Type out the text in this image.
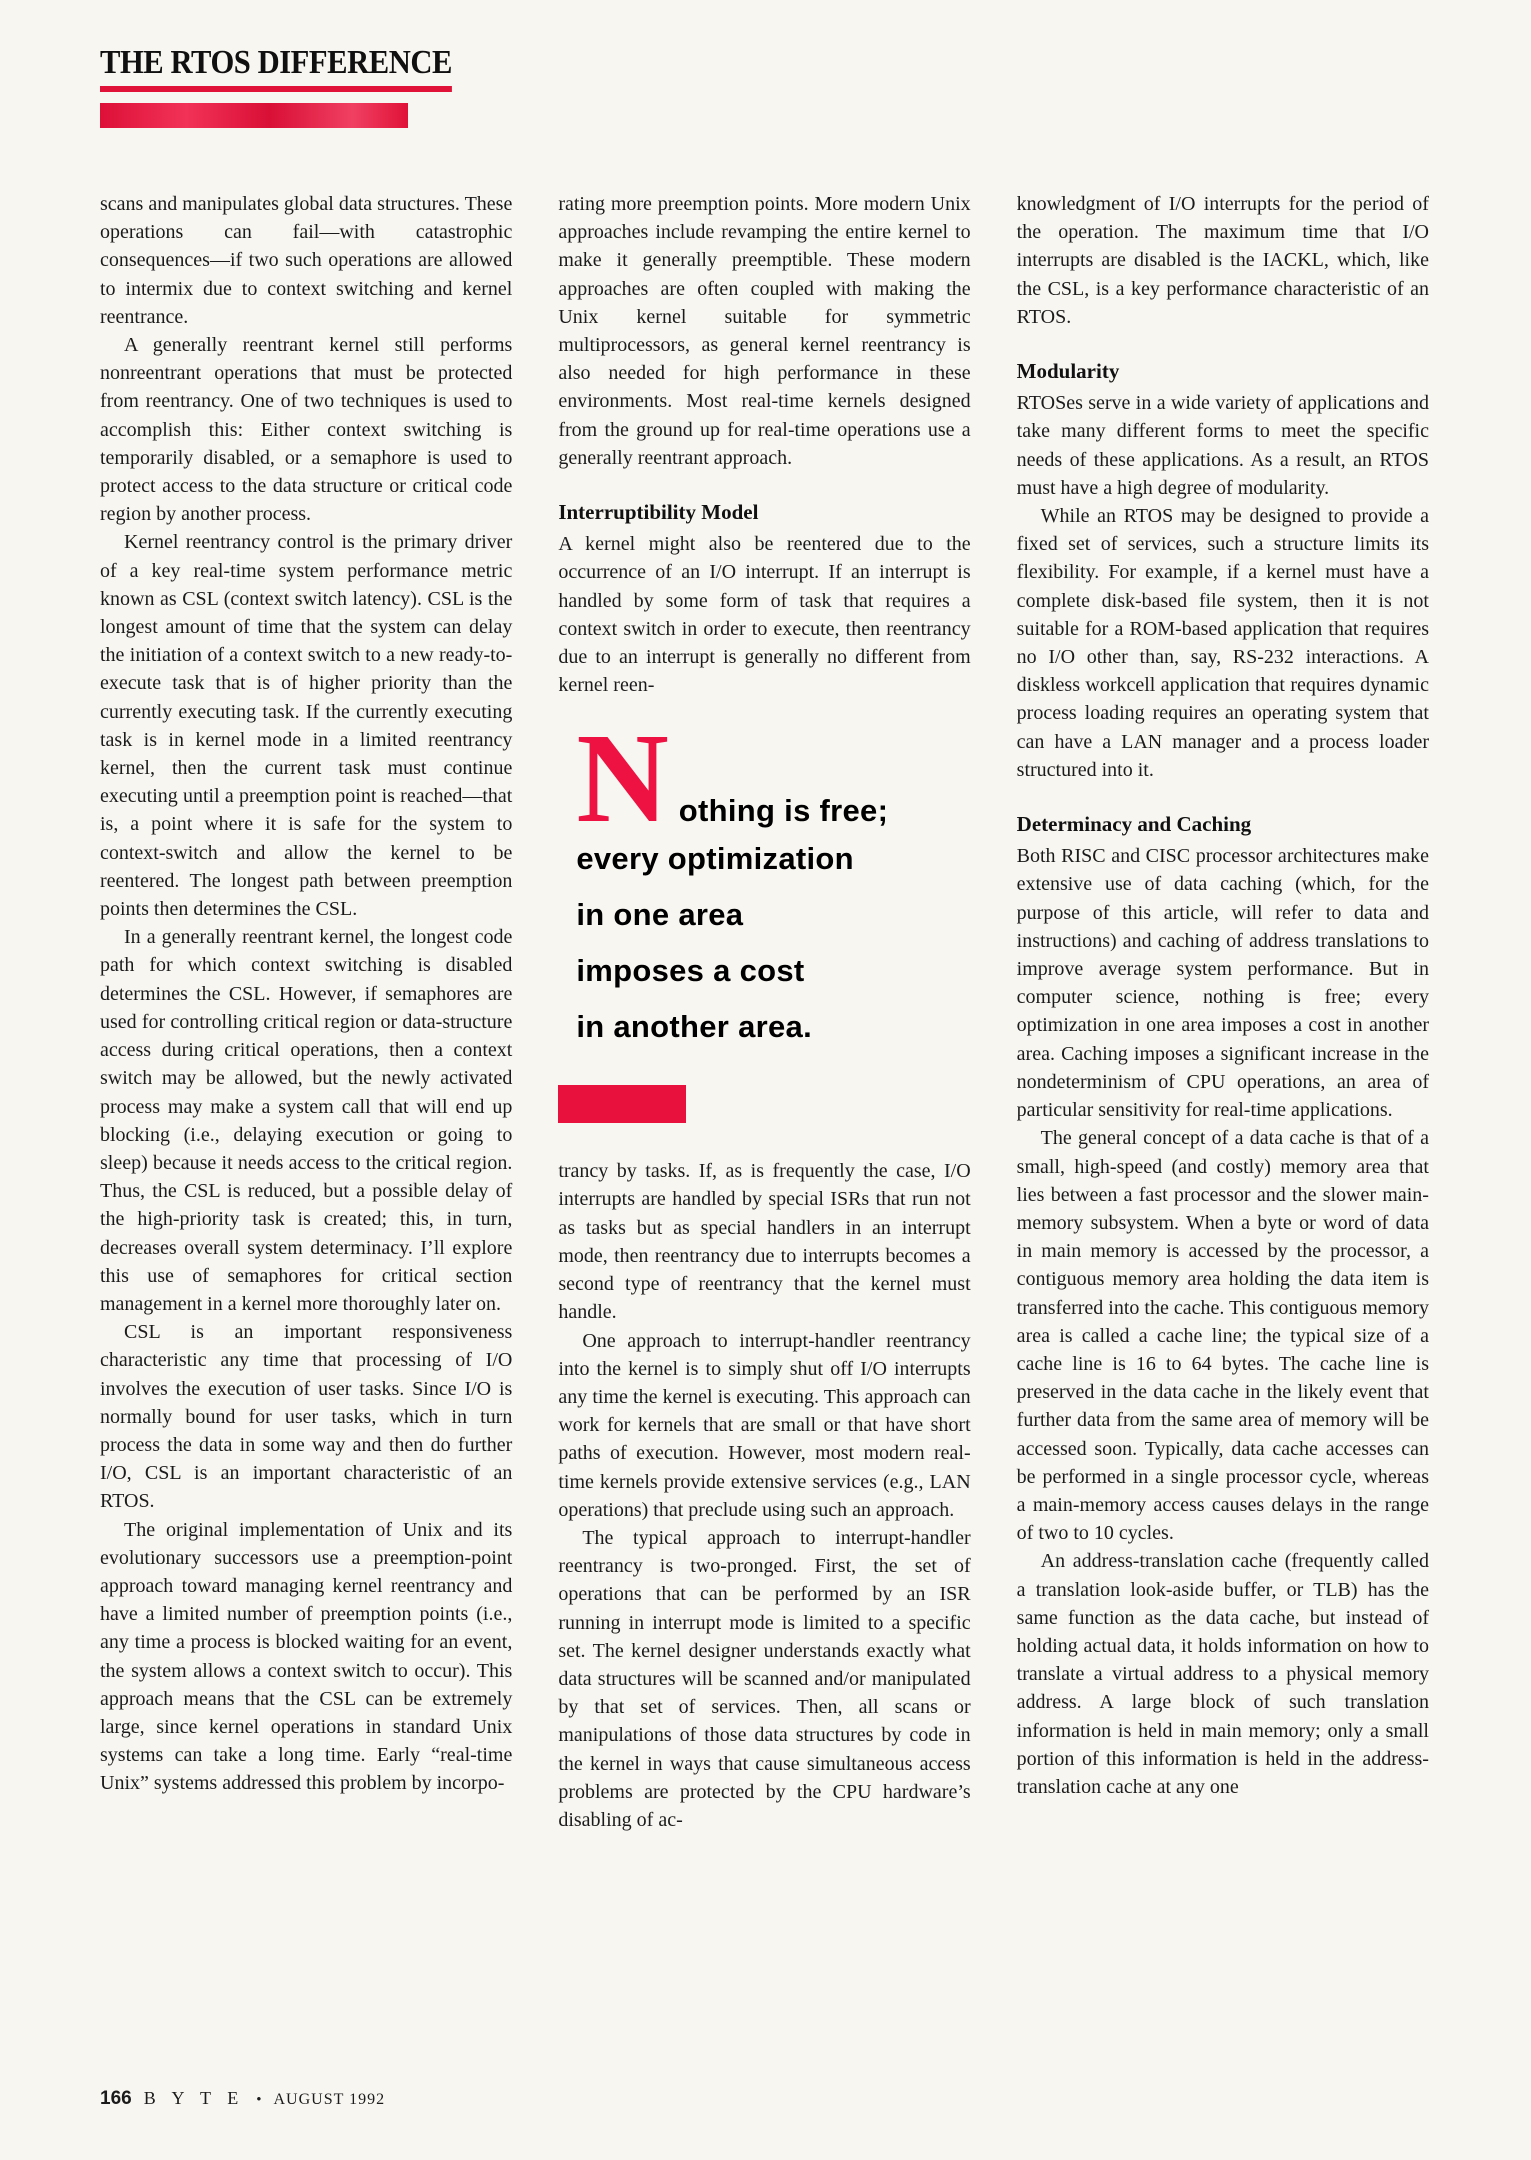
THE RTOS DIFFERENCE

scans and manipulates global data structures. These operations can fail—with catastrophic consequences—if two such operations are allowed to intermix due to context switching and kernel reentrance.

A generally reentrant kernel still performs nonreentrant operations that must be protected from reentrancy. One of two techniques is used to accomplish this: Either context switching is temporarily disabled, or a semaphore is used to protect access to the data structure or critical code region by another process.

Kernel reentrancy control is the primary driver of a key real-time system performance metric known as CSL (context switch latency). CSL is the longest amount of time that the system can delay the initiation of a context switch to a new ready-to-execute task that is of higher priority than the currently executing task. If the currently executing task is in kernel mode in a limited reentrancy kernel, then the current task must continue executing until a preemption point is reached—that is, a point where it is safe for the system to context-switch and allow the kernel to be reentered. The longest path between preemption points then determines the CSL.

In a generally reentrant kernel, the longest code path for which context switching is disabled determines the CSL. However, if semaphores are used for controlling critical region or data-structure access during critical operations, then a context switch may be allowed, but the newly activated process may make a system call that will end up blocking (i.e., delaying execution or going to sleep) because it needs access to the critical region. Thus, the CSL is reduced, but a possible delay of the high-priority task is created; this, in turn, decreases overall system determinacy. I’ll explore this use of semaphores for critical section management in a kernel more thoroughly later on.

CSL is an important responsiveness characteristic any time that processing of I/O involves the execution of user tasks. Since I/O is normally bound for user tasks, which in turn process the data in some way and then do further I/O, CSL is an important characteristic of an RTOS.

The original implementation of Unix and its evolutionary successors use a preemption-point approach toward managing kernel reentrancy and have a limited number of preemption points (i.e., any time a process is blocked waiting for an event, the system allows a context switch to occur). This approach means that the CSL can be extremely large, since kernel operations in standard Unix systems can take a long time. Early “real-time Unix” systems addressed this problem by incorpo-

rating more preemption points. More modern Unix approaches include revamping the entire kernel to make it generally preemptible. These modern approaches are often coupled with making the Unix kernel suitable for symmetric multiprocessors, as general kernel reentrancy is also needed for high performance in these environments. Most real-time kernels designed from the ground up for real-time operations use a generally reentrant approach.

Interruptibility Model

A kernel might also be reentered due to the occurrence of an I/O interrupt. If an interrupt is handled by some form of task that requires a context switch in order to execute, then reentrancy due to an interrupt is generally no different from kernel reen-

N othing is free;
every optimization
in one area
imposes a cost
in another area.

trancy by tasks. If, as is frequently the case, I/O interrupts are handled by special ISRs that run not as tasks but as special handlers in an interrupt mode, then reentrancy due to interrupts becomes a second type of reentrancy that the kernel must handle.

One approach to interrupt-handler reentrancy into the kernel is to simply shut off I/O interrupts any time the kernel is executing. This approach can work for kernels that are small or that have short paths of execution. However, most modern real-time kernels provide extensive services (e.g., LAN operations) that preclude using such an approach.

The typical approach to interrupt-handler reentrancy is two-pronged. First, the set of operations that can be performed by an ISR running in interrupt mode is limited to a specific set. The kernel designer understands exactly what data structures will be scanned and/or manipulated by that set of services. Then, all scans or manipulations of those data structures by code in the kernel in ways that cause simultaneous access problems are protected by the CPU hardware’s disabling of ac-

knowledgment of I/O interrupts for the period of the operation. The maximum time that I/O interrupts are disabled is the IACKL, which, like the CSL, is a key performance characteristic of an RTOS.

Modularity

RTOSes serve in a wide variety of applications and take many different forms to meet the specific needs of these applications. As a result, an RTOS must have a high degree of modularity.

While an RTOS may be designed to provide a fixed set of services, such a structure limits its flexibility. For example, if a kernel must have a complete disk-based file system, then it is not suitable for a ROM-based application that requires no I/O other than, say, RS-232 interactions. A diskless workcell application that requires dynamic process loading requires an operating system that can have a LAN manager and a process loader structured into it.

Determinacy and Caching

Both RISC and CISC processor architectures make extensive use of data caching (which, for the purpose of this article, will refer to data and instructions) and caching of address translations to improve average system performance. But in computer science, nothing is free; every optimization in one area imposes a cost in another area. Caching imposes a significant increase in the nondeterminism of CPU operations, an area of particular sensitivity for real-time applications.

The general concept of a data cache is that of a small, high-speed (and costly) memory area that lies between a fast processor and the slower main-memory subsystem. When a byte or word of data in main memory is accessed by the processor, a contiguous memory area holding the data item is transferred into the cache. This contiguous memory area is called a cache line; the typical size of a cache line is 16 to 64 bytes. The cache line is preserved in the data cache in the likely event that further data from the same area of memory will be accessed soon. Typically, data cache accesses can be performed in a single processor cycle, whereas a main-memory access causes delays in the range of two to 10 cycles.

An address-translation cache (frequently called a translation look-aside buffer, or TLB) has the same function as the data cache, but instead of holding actual data, it holds information on how to translate a virtual address to a physical memory address. A large block of such translation information is held in main memory; only a small portion of this information is held in the address-translation cache at any one

166 B Y T E • AUGUST 1992
